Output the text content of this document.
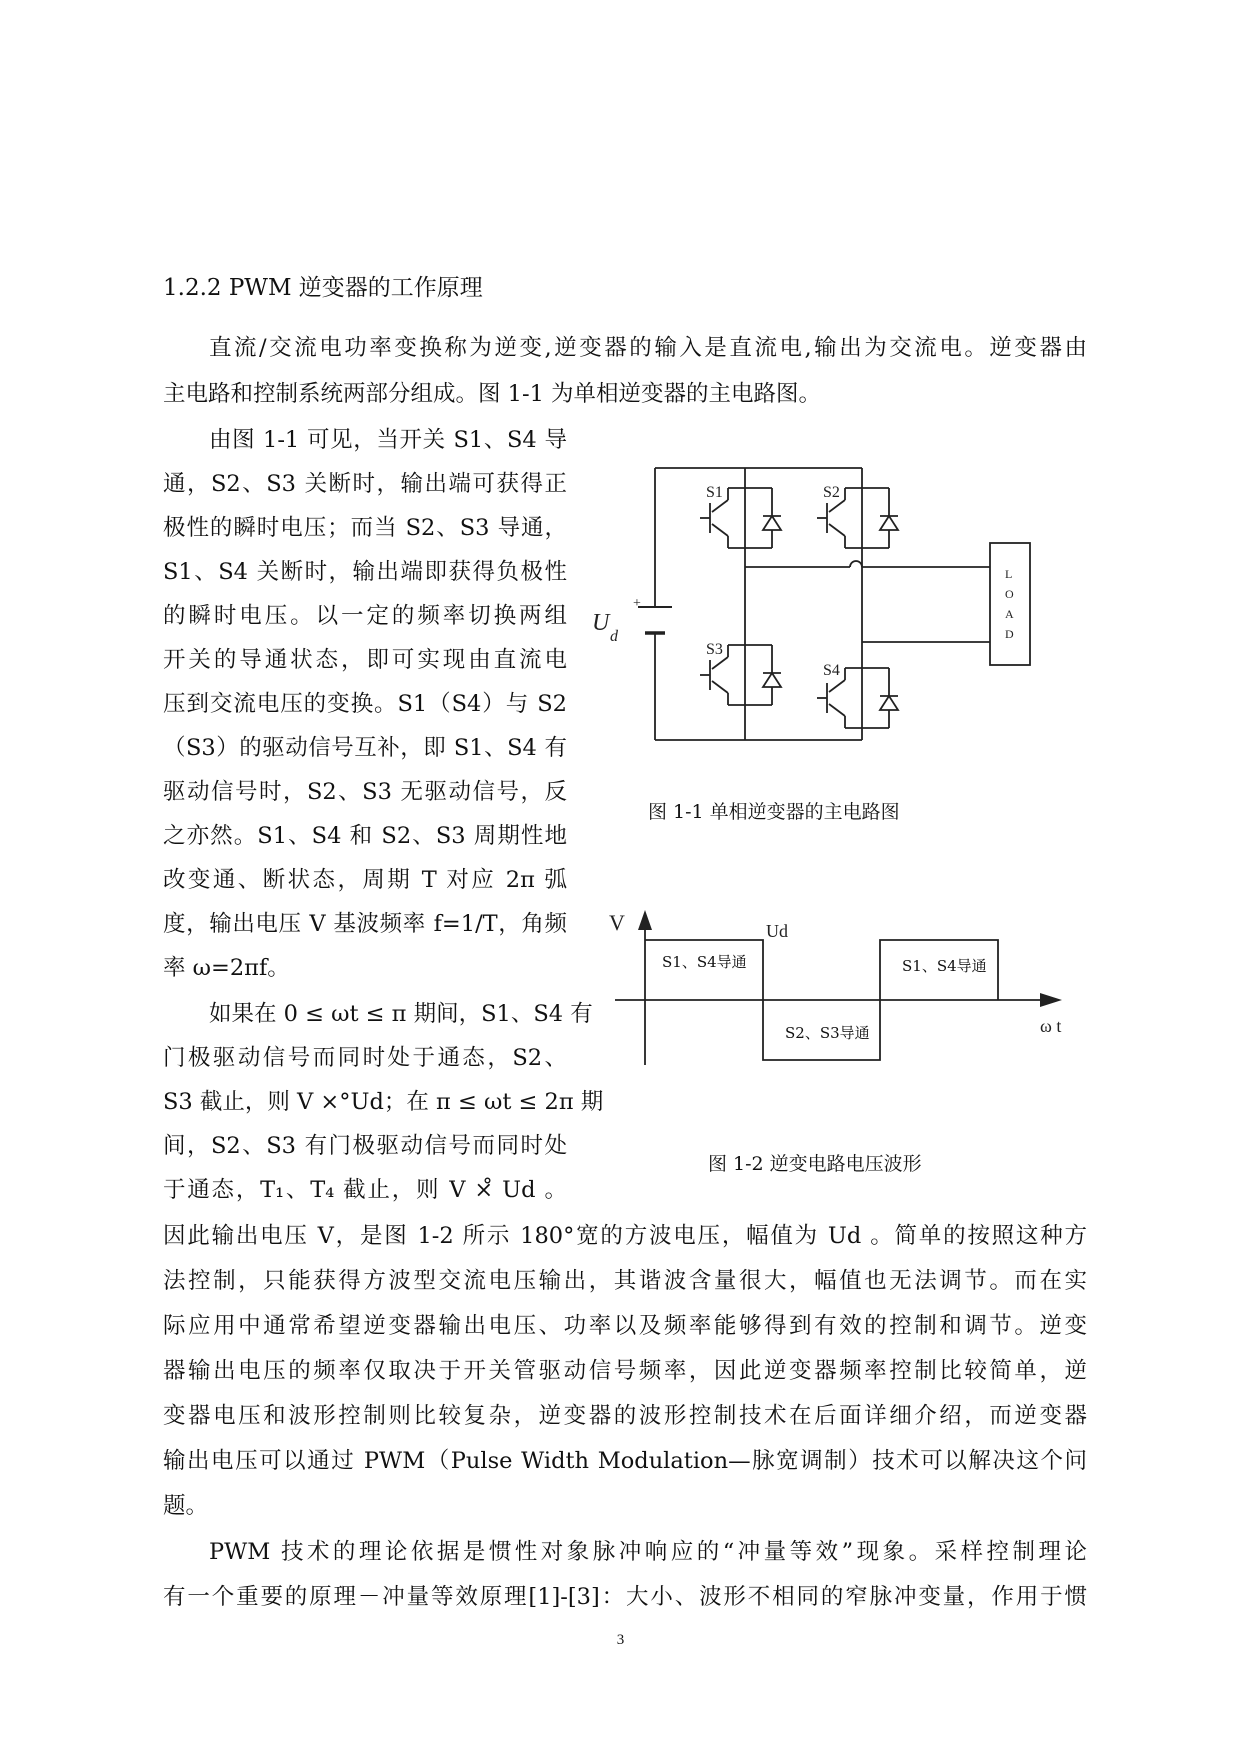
1.2.2 PWM 逆变器的工作原理
直流/交流电功率变换称为逆变,逆变器的输入是直流电,输出为交流电。逆变器由
主电路和控制系统两部分组成。图 1-1 为单相逆变器的主电路图。
由图 1-1 可见，当开关 S1、S4 导
通，S2、S3 关断时，输出端可获得正
极性的瞬时电压；而当 S2、S3 导通，
S1、S4 关断时，输出端即获得负极性
的瞬时电压。以一定的频率切换两组
开关的导通状态，即可实现由直流电
压到交流电压的变换。S1（S4）与 S2
（S3）的驱动信号互补，即 S1、S4 有
驱动信号时，S2、S3 无驱动信号，反
之亦然。S1、S4 和 S2、S3 周期性地
改变通、断状态，周期 T 对应 2π 弧
度，输出电压 V 基波频率 f=1/T，角频
率 ω=2πf。
如果在 0 ≤ ωt ≤ π 期间，S1、S4 有
门极驱动信号而同时处于通态，S2、
S3 截止，则 V ×°Ud；在 π ≤ ωt ≤ 2π 期
间，S2、S3 有门极驱动信号而同时处
于通态，T₁、T₄ 截止，则 V ×̊ Ud 。
因此输出电压 V，是图 1-2 所示 180°宽的方波电压，幅值为 Ud 。简单的按照这种方
法控制，只能获得方波型交流电压输出，其谐波含量很大，幅值也无法调节。而在实
际应用中通常希望逆变器输出电压、功率以及频率能够得到有效的控制和调节。逆变
器输出电压的频率仅取决于开关管驱动信号频率，因此逆变器频率控制比较简单，逆
变器电压和波形控制则比较复杂，逆变器的波形控制技术在后面详细介绍，而逆变器
输出电压可以通过 PWM（Pulse Width Modulation—脉宽调制）技术可以解决这个问
题。
PWM 技术的理论依据是惯性对象脉冲响应的“冲量等效”现象。采样控制理论
有一个重要的原理－冲量等效原理[1]-[3]：大小、波形不相同的窄脉冲变量，作用于惯
S1	S2
S3
S4
+
U
d
L
O
A
D
图 1-1 单相逆变器的主电路图
V	Ud
ω t
S1、S4导通
S2、S3导通
S1、S4导通
图 1-2 逆变电路电压波形
3
